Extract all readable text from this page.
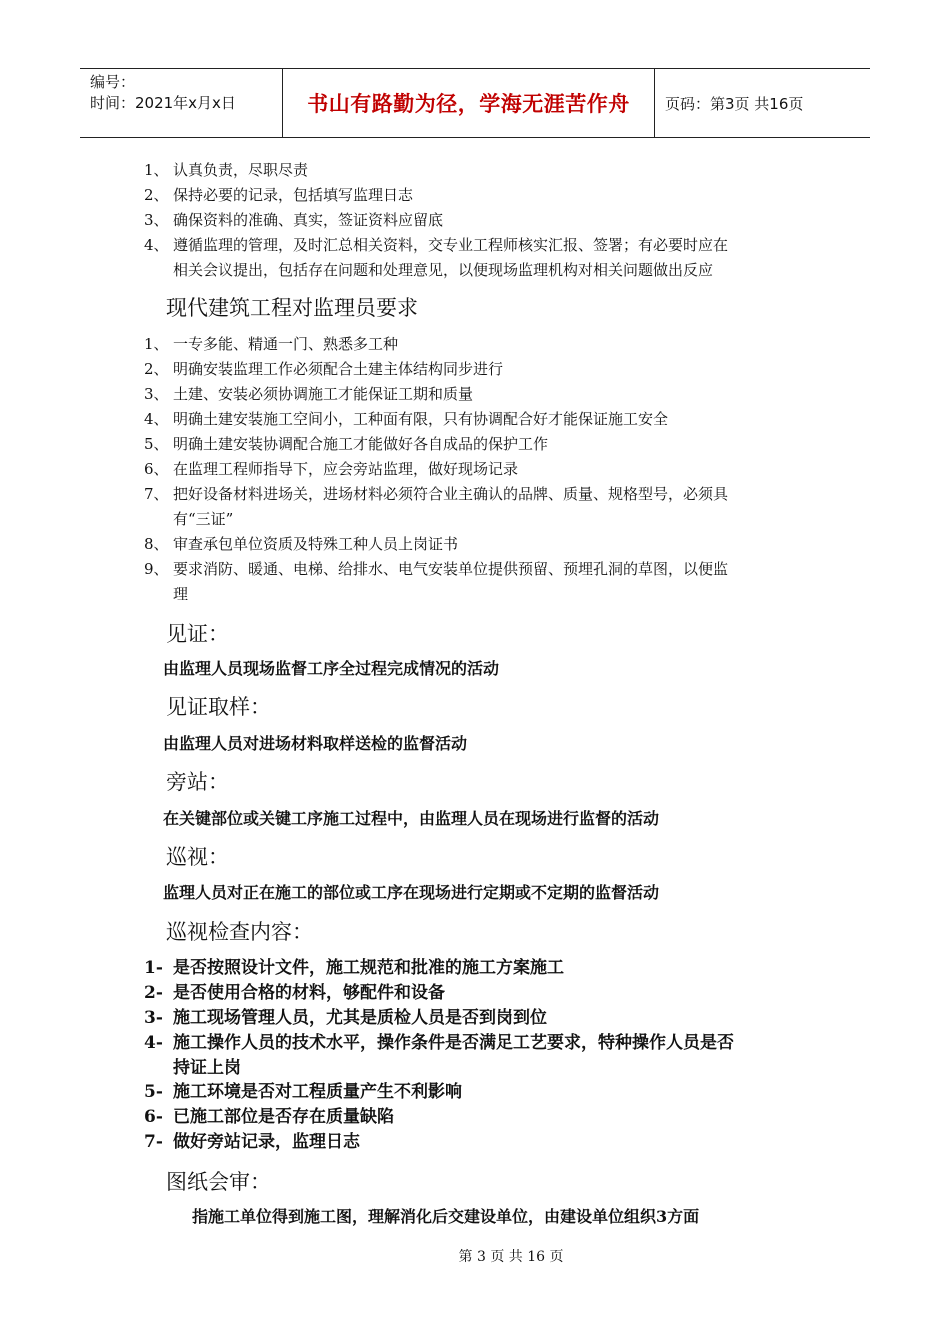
编号：
时间：2021年x月x日	书山有路勤为径，学海无涯苦作舟 页码：第3页 共16页
1、 认真负责，尽职尽责
2、 保持必要的记录，包括填写监理日志
3、 确保资料的准确、真实，签证资料应留底
4、 遵循监理的管理，及时汇总相关资料，交专业工程师核实汇报、签署；有必要时应在
相关会议提出，包括存在问题和处理意见，以便现场监理机构对相关问题做出反应
现代建筑工程对监理员要求
1、 一专多能、精通一门、熟悉多工种
2、 明确安装监理工作必须配合土建主体结构同步进行
3、 土建、安装必须协调施工才能保证工期和质量
4、 明确土建安装施工空间小，工种面有限，只有协调配合好才能保证施工安全
5、 明确土建安装协调配合施工才能做好各自成品的保护工作
6、 在监理工程师指导下，应会旁站监理，做好现场记录
7、 把好设备材料进场关，进场材料必须符合业主确认的品牌、质量、规格型号，必须具
有“三证”
8、 审查承包单位资质及特殊工种人员上岗证书
9、 要求消防、暖通、电梯、给排水、电气安装单位提供预留、预埋孔洞的草图，以便监
理
见证：
由监理人员现场监督工序全过程完成情况的活动
见证取样：
由监理人员对进场材料取样送检的监督活动
旁站：
在关键部位或关键工序施工过程中，由监理人员在现场进行监督的活动
巡视：
监理人员对正在施工的部位或工序在现场进行定期或不定期的监督活动
巡视检查内容：
1- 是否按照设计文件，施工规范和批准的施工方案施工
2- 是否使用合格的材料，够配件和设备
3- 施工现场管理人员，尤其是质检人员是否到岗到位
4- 施工操作人员的技术水平，操作条件是否满足工艺要求，特种操作人员是否
持证上岗
5- 施工环境是否对工程质量产生不利影响
6- 已施工部位是否存在质量缺陷
7- 做好旁站记录，监理日志
图纸会审：
指施工单位得到施工图，理解消化后交建设单位，由建设单位组织3方面
第 3 页 共 16 页
